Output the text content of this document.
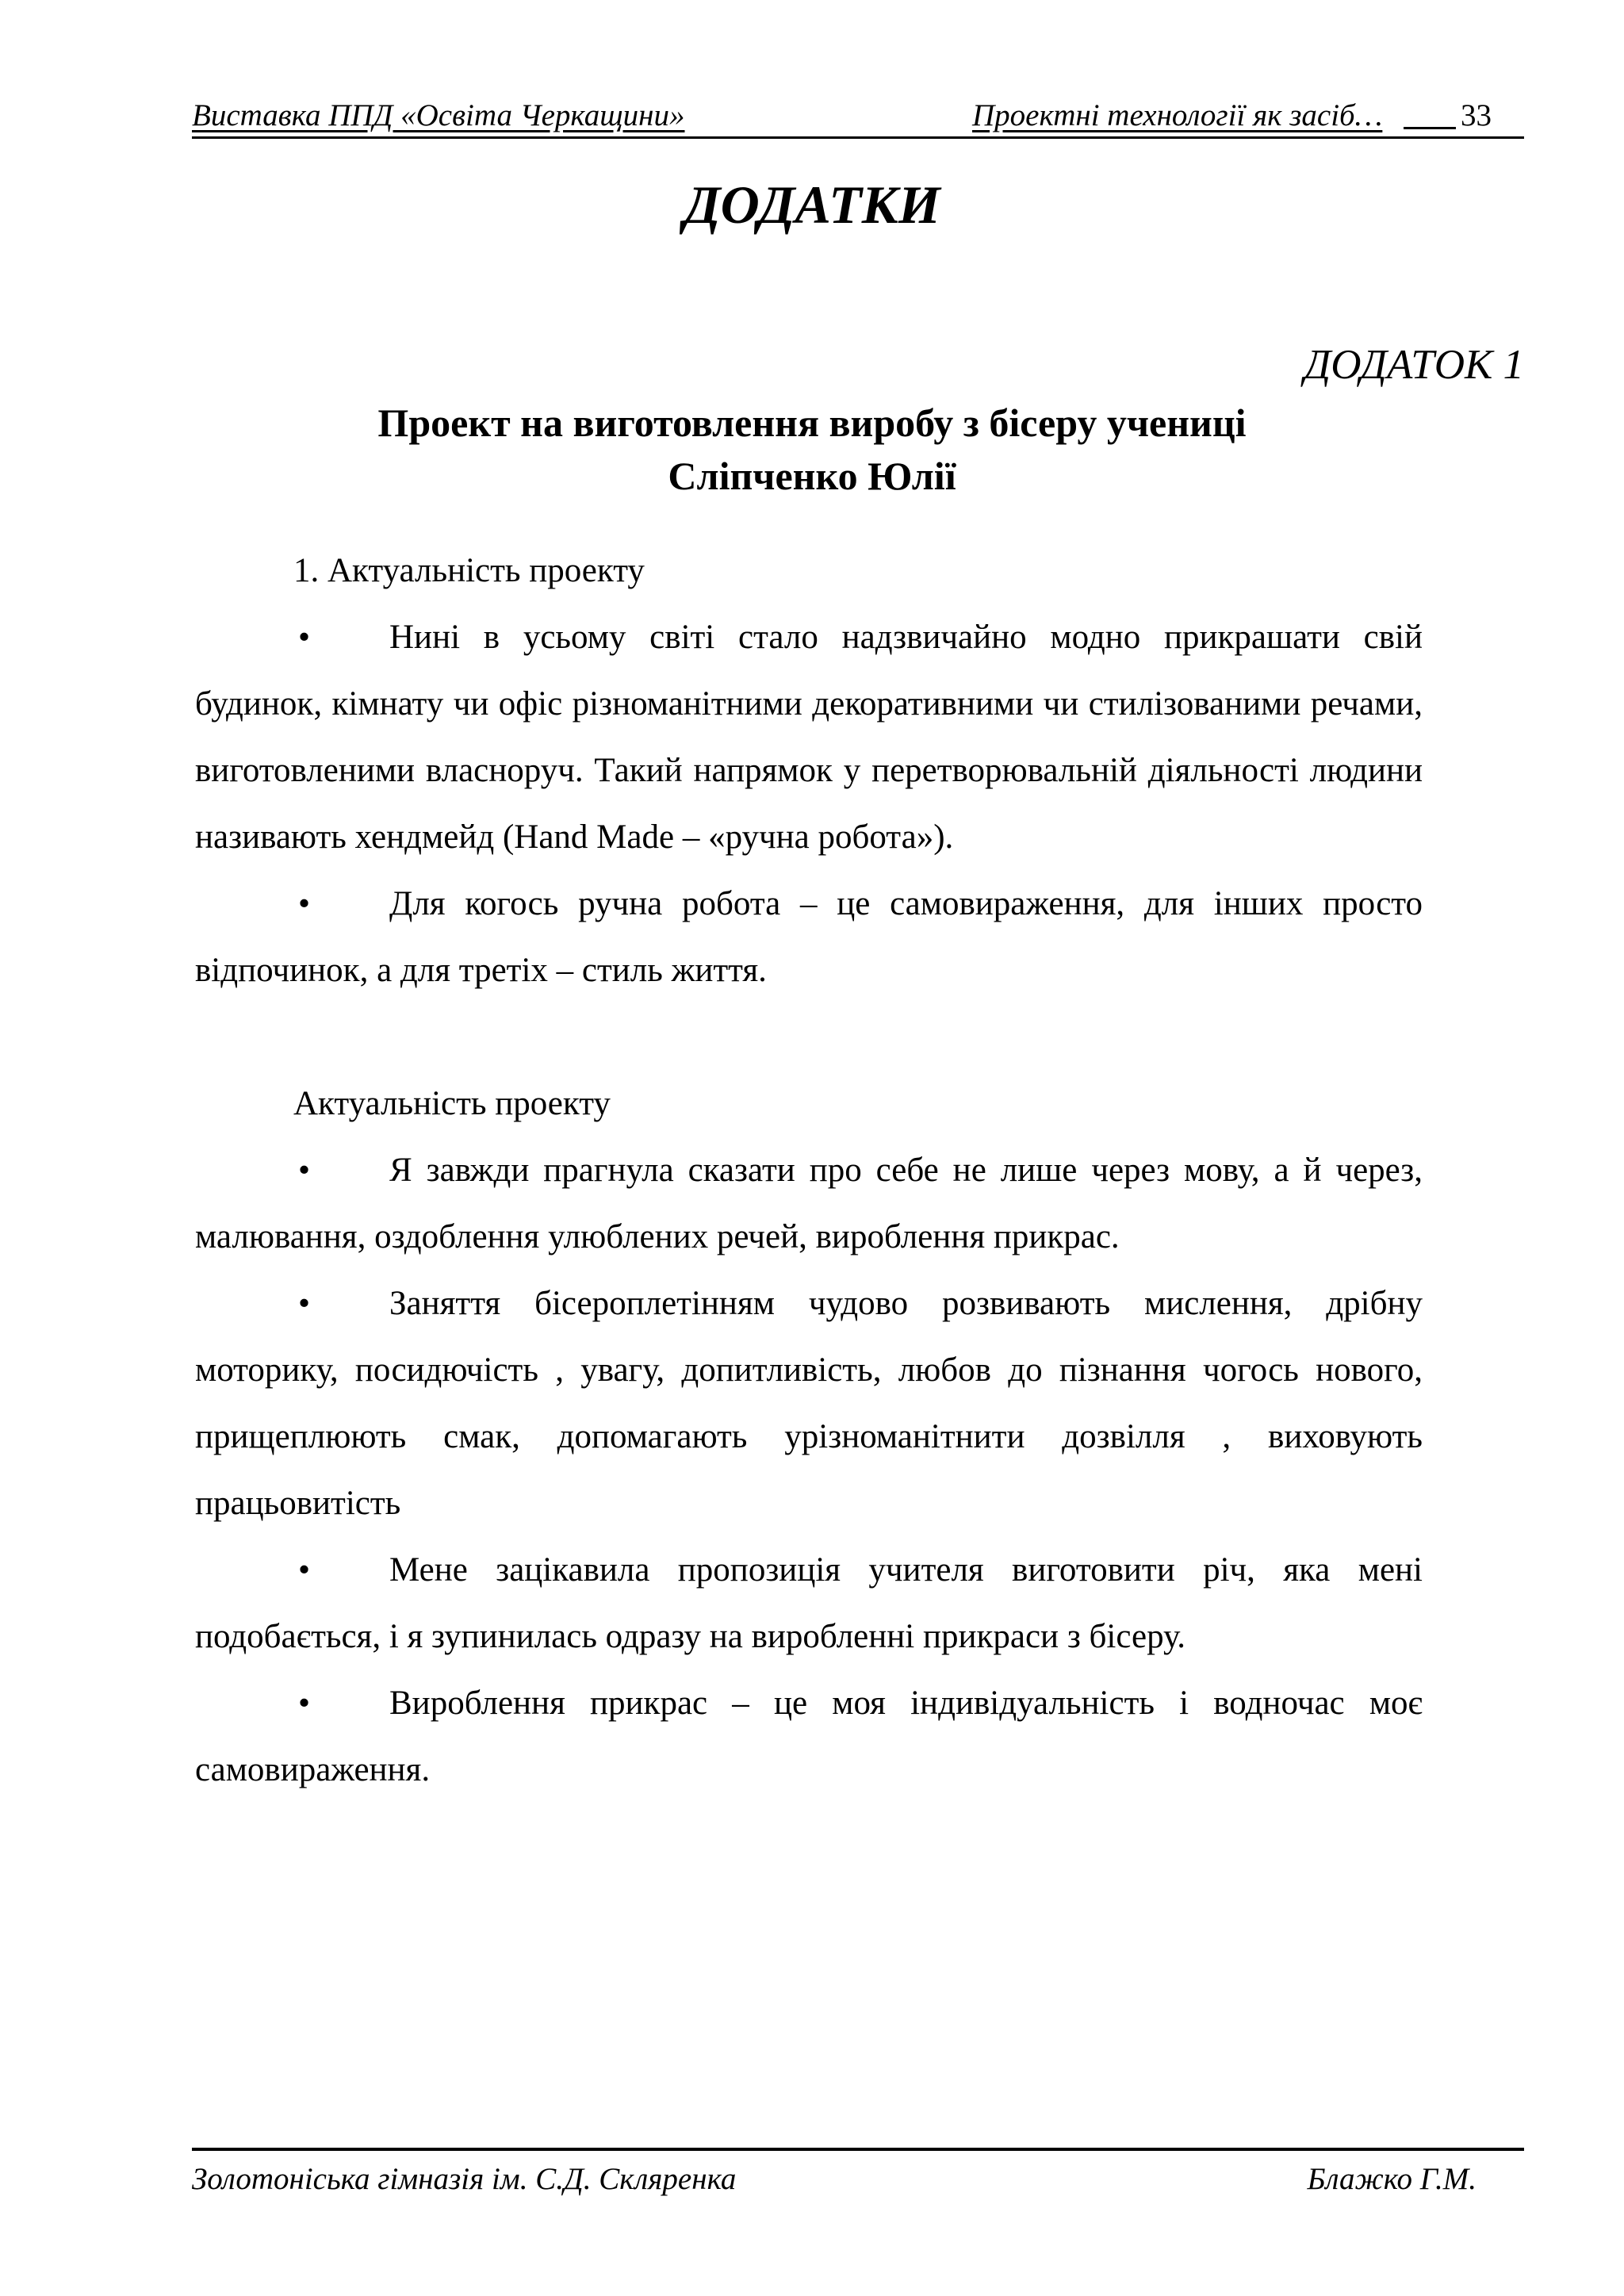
Виставка ППД «Освіта Черкащини»	Проектні технології як засіб…	33
ДОДАТКИ

ДОДАТОК 1

Проект на виготовлення виробу з бісеру учениці
Сліпченко Юлії

1. Актуальність проекту

• Нині в усьому світі стало надзвичайно модно прикрашати свій будинок, кімнату чи офіс різноманітними декоративними чи стилізованими речами, виготовленими власноруч. Такий напрямок у перетворювальній діяльності людини називають хендмейд (Hand Made – «ручна робота»).

• Для когось ручна робота – це самовираження, для інших просто відпочинок, а для третіх – стиль життя.

Актуальність проекту

• Я завжди прагнула сказати про себе не лише через мову, а й через, малювання, оздоблення улюблених речей, вироблення прикрас.

• Заняття бісероплетінням чудово розвивають мислення, дрібну моторику, посидючість , увагу, допитливість, любов до пізнання чогось нового, прищеплюють смак, допомагають урізноманітнити дозвілля , виховують працьовитість

• Мене зацікавила пропозиція учителя виготовити річ, яка мені подобається, і я зупинилась одразу на виробленні прикраси з бісеру.

• Вироблення прикрас – це моя індивідуальність і водночас моє самовираження.

Золотоніська гімназія ім. С.Д. Скляренка	Блажко Г.М.
